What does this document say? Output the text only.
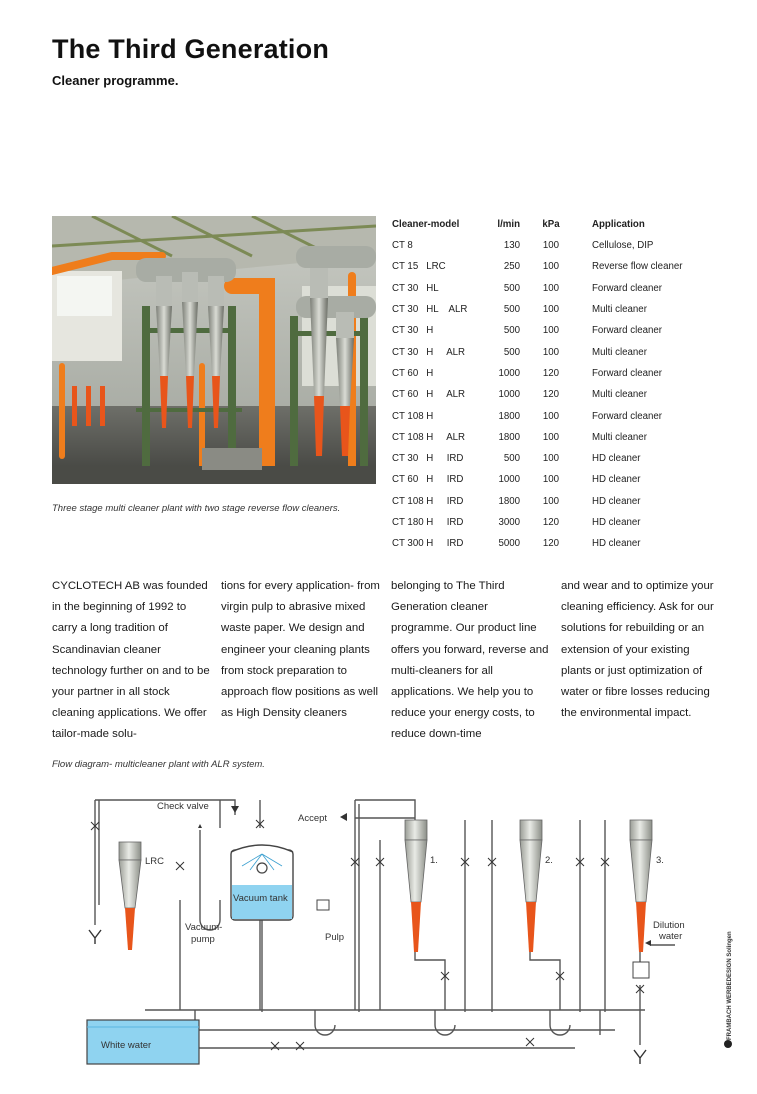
The Third Generation
Cleaner programme.
Three stage multi cleaner plant with two stage reverse flow cleaners.
Cleaner-model	l/min	kPa	Application
CT 8	130	100	Cellulose, DIP
CT 15   LRC	250	100	Reverse flow cleaner
CT 30   HL	500	100	Forward cleaner
CT 30   HL    ALR	500	100	Multi cleaner
CT 30   H	500	100	Forward cleaner
CT 30   H     ALR	500	100	Multi cleaner
CT 60   H	1000	120	Forward cleaner
CT 60   H     ALR	1000	120	Multi cleaner
CT 108 H	1800	100	Forward cleaner
CT 108 H     ALR	1800	100	Multi cleaner
CT 30   H     IRD	500	100	HD cleaner
CT 60   H     IRD	1000	100	HD cleaner
CT 108 H     IRD	1800	100	HD cleaner
CT 180 H     IRD	3000	120	HD cleaner
CT 300 H     IRD	5000	120	HD cleaner
CYCLOTECH AB was founded in the beginning of 1992 to carry a long tradition of Scandinavian cleaner technology further on and to be your partner in all stock cleaning applications. We offer tailor-made solu-
tions for every application- from virgin pulp to abrasive mixed waste paper. We design and engineer your cleaning plants from stock preparation to approach flow positions as well as High Density cleaners
belonging to The Third Generation cleaner programme. Our product line offers you forward, reverse and multi-cleaners for all applications. We help you to reduce your energy costs, to reduce down-time
and wear and to optimize your cleaning efficiency. Ask for our solutions for rebuilding or an extension of your existing plants or just optimization of water or fibre losses reducing the environmental impact.
Flow diagram- multicleaner plant with ALR system.
Check valve
Accept
LRC
Vacuum tank
Vacuum-
pump	Pulp
White water
1.	2.	3.
Dilution
water	FRAMBACH WERBEDESIGN Solingen
